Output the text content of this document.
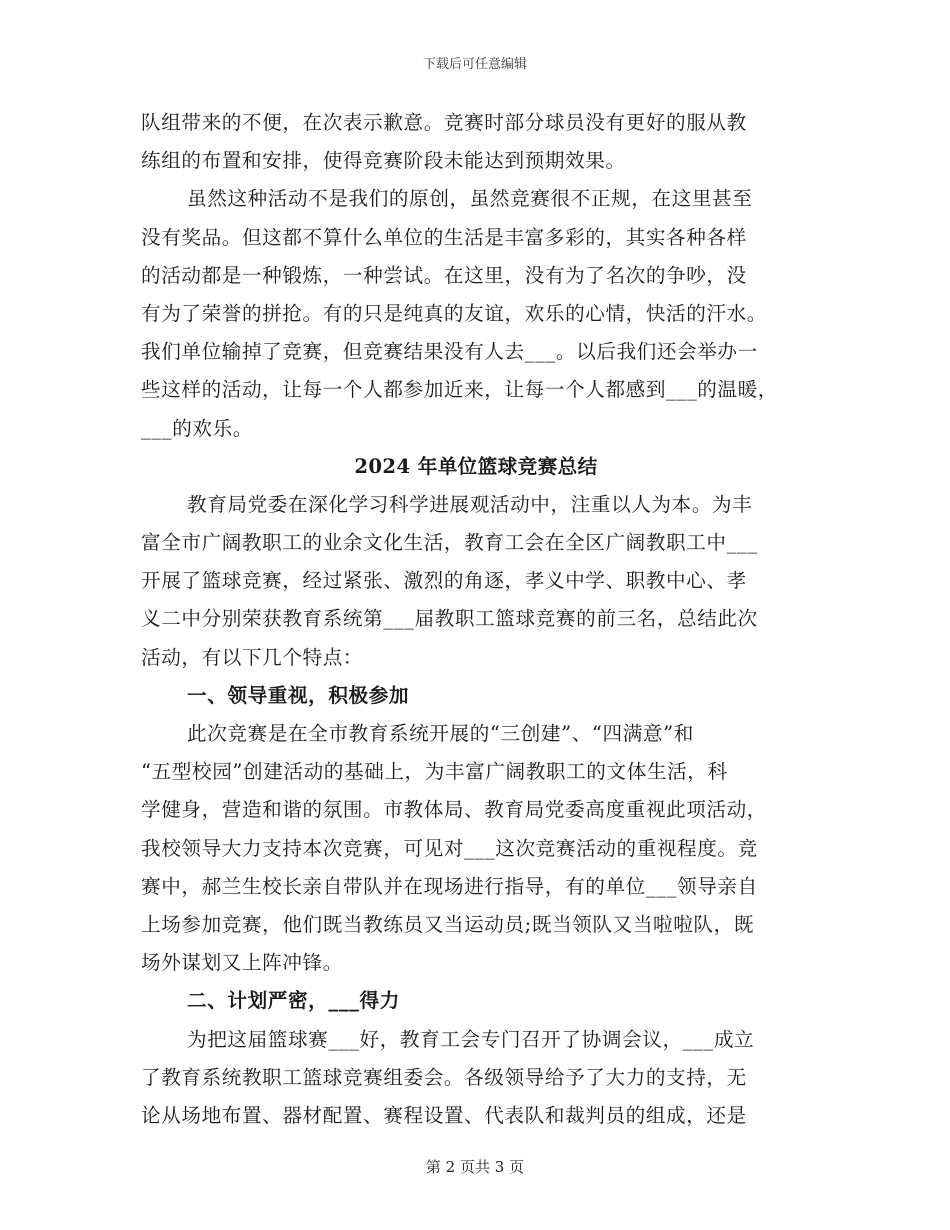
下载后可任意编辑
队组带来的不便，在次表示歉意。竞赛时部分球员没有更好的服从教
练组的布置和安排，使得竞赛阶段未能达到预期效果。
虽然这种活动不是我们的原创，虽然竞赛很不正规，在这里甚至
没有奖品。但这都不算什么单位的生活是丰富多彩的，其实各种各样
的活动都是一种锻炼，一种尝试。在这里，没有为了名次的争吵，没
有为了荣誉的拼抢。有的只是纯真的友谊，欢乐的心情，快活的汗水。
我们单位输掉了竞赛，但竞赛结果没有人去___。以后我们还会举办一
些这样的活动，让每一个人都参加近来，让每一个人都感到___的温暖，
___的欢乐。
2024 年单位篮球竞赛总结
教育局党委在深化学习科学进展观活动中，注重以人为本。为丰
富全市广阔教职工的业余文化生活，教育工会在全区广阔教职工中___
开展了篮球竞赛，经过紧张、激烈的角逐，孝义中学、职教中心、孝
义二中分别荣获教育系统第___届教职工篮球竞赛的前三名，总结此次
活动，有以下几个特点：
一、领导重视，积极参加
此次竞赛是在全市教育系统开展的“三创建”、“四满意”和
“五型校园”创建活动的基础上，为丰富广阔教职工的文体生活，科
学健身，营造和谐的氛围。市教体局、教育局党委高度重视此项活动，
我校领导大力支持本次竞赛，可见对___这次竞赛活动的重视程度。竞
赛中，郝兰生校长亲自带队并在现场进行指导，有的单位___领导亲自
上场参加竞赛，他们既当教练员又当运动员;既当领队又当啦啦队，既
场外谋划又上阵冲锋。
二、计划严密，___得力
为把这届篮球赛___好，教育工会专门召开了协调会议，___成立
了教育系统教职工篮球竞赛组委会。各级领导给予了大力的支持，无
论从场地布置、器材配置、赛程设置、代表队和裁判员的组成，还是
第 2 页共 3 页
